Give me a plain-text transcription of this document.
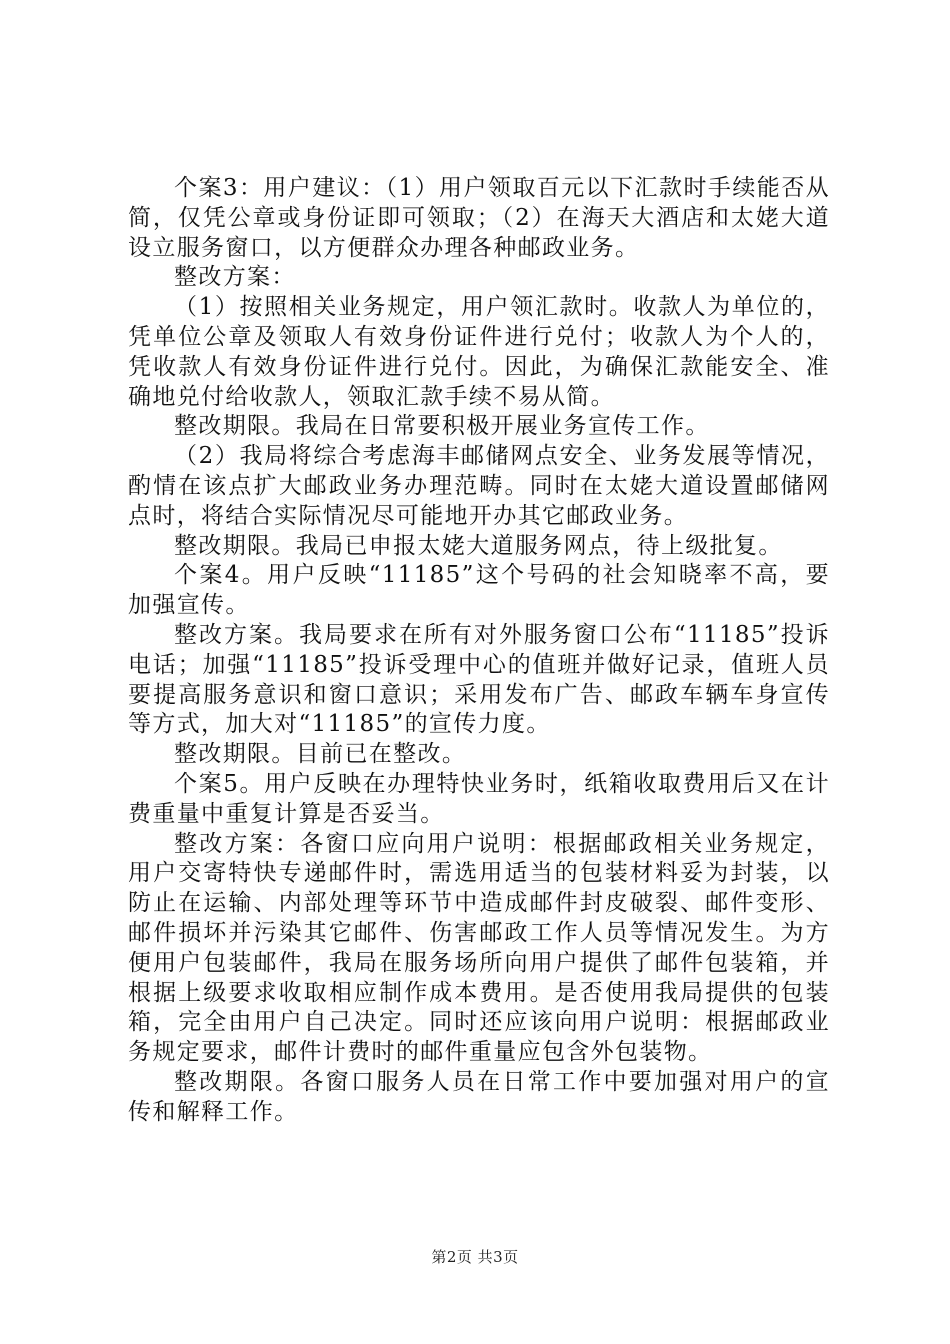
个案3：用户建议：（1）用户领取百元以下汇款时手续能否从简，仅凭公章或身份证即可领取；（2）在海天大酒店和太姥大道设立服务窗口，以方便群众办理各种邮政业务。

整改方案：

（1）按照相关业务规定，用户领汇款时。收款人为单位的，凭单位公章及领取人有效身份证件进行兑付；收款人为个人的，凭收款人有效身份证件进行兑付。因此，为确保汇款能安全、准确地兑付给收款人，领取汇款手续不易从简。

整改期限。我局在日常要积极开展业务宣传工作。

（2）我局将综合考虑海丰邮储网点安全、业务发展等情况，酌情在该点扩大邮政业务办理范畴。同时在太姥大道设置邮储网点时，将结合实际情况尽可能地开办其它邮政业务。

整改期限。我局已申报太姥大道服务网点，待上级批复。

个案4。用户反映“11185”这个号码的社会知晓率不高，要加强宣传。

整改方案。我局要求在所有对外服务窗口公布“11185”投诉电话；加强“11185”投诉受理中心的值班并做好记录，值班人员要提高服务意识和窗口意识；采用发布广告、邮政车辆车身宣传等方式，加大对“11185”的宣传力度。

整改期限。目前已在整改。

个案5。用户反映在办理特快业务时，纸箱收取费用后又在计费重量中重复计算是否妥当。

整改方案：各窗口应向用户说明：根据邮政相关业务规定，用户交寄特快专递邮件时，需选用适当的包装材料妥为封装，以防止在运输、内部处理等环节中造成邮件封皮破裂、邮件变形、邮件损坏并污染其它邮件、伤害邮政工作人员等情况发生。为方便用户包装邮件，我局在服务场所向用户提供了邮件包装箱，并根据上级要求收取相应制作成本费用。是否使用我局提供的包装箱，完全由用户自己决定。同时还应该向用户说明：根据邮政业务规定要求，邮件计费时的邮件重量应包含外包装物。

整改期限。各窗口服务人员在日常工作中要加强对用户的宣传和解释工作。

第2页 共3页
